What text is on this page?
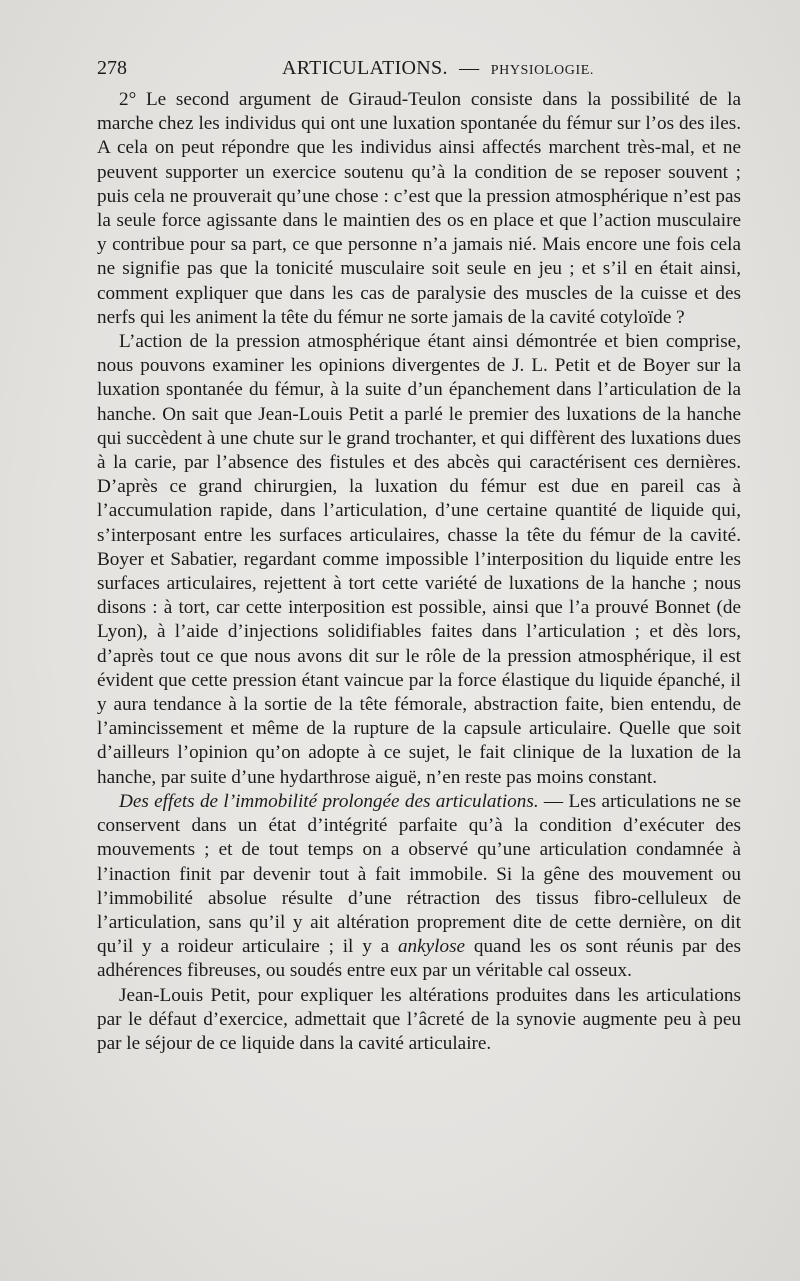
278	ARTICULATIONS. — PHYSIOLOGIE.

2° Le second argument de Giraud-Teulon consiste dans la possibilité de la marche chez les individus qui ont une luxation spontanée du fémur sur l’os des iles. A cela on peut répondre que les individus ainsi affectés marchent très-mal, et ne peuvent supporter un exercice soutenu qu’à la condition de se reposer souvent ; puis cela ne prouverait qu’une chose : c’est que la pression atmosphérique n’est pas la seule force agissante dans le maintien des os en place et que l’action musculaire y contribue pour sa part, ce que personne n’a jamais nié. Mais encore une fois cela ne signifie pas que la tonicité musculaire soit seule en jeu ; et s’il en était ainsi, comment expliquer que dans les cas de paralysie des muscles de la cuisse et des nerfs qui les animent la tête du fémur ne sorte jamais de la cavité cotyloïde ?

L’action de la pression atmosphérique étant ainsi démontrée et bien comprise, nous pouvons examiner les opinions divergentes de J. L. Petit et de Boyer sur la luxation spontanée du fémur, à la suite d’un épanchement dans l’articulation de la hanche. On sait que Jean-Louis Petit a parlé le premier des luxations de la hanche qui succèdent à une chute sur le grand trochanter, et qui diffèrent des luxations dues à la carie, par l’absence des fistules et des abcès qui caractérisent ces dernières. D’après ce grand chirurgien, la luxation du fémur est due en pareil cas à l’accumulation rapide, dans l’articulation, d’une certaine quantité de liquide qui, s’interposant entre les surfaces articulaires, chasse la tête du fémur de la cavité. Boyer et Sabatier, regardant comme impossible l’interposition du liquide entre les surfaces articulaires, rejettent à tort cette variété de luxations de la hanche ; nous disons : à tort, car cette interposition est possible, ainsi que l’a prouvé Bonnet (de Lyon), à l’aide d’injections solidifiables faites dans l’articulation ; et dès lors, d’après tout ce que nous avons dit sur le rôle de la pression atmosphérique, il est évident que cette pression étant vaincue par la force élastique du liquide épanché, il y aura tendance à la sortie de la tête fémorale, abstraction faite, bien entendu, de l’amincissement et même de la rupture de la capsule articulaire. Quelle que soit d’ailleurs l’opinion qu’on adopte à ce sujet, le fait clinique de la luxation de la hanche, par suite d’une hydarthrose aiguë, n’en reste pas moins constant.

Des effets de l’immobilité prolongée des articulations. — Les articulations ne se conservent dans un état d’intégrité parfaite qu’à la condition d’exécuter des mouvements ; et de tout temps on a observé qu’une articulation condamnée à l’inaction finit par devenir tout à fait immobile. Si la gêne des mouvement ou l’immobilité absolue résulte d’une rétraction des tissus fibro-celluleux de l’articulation, sans qu’il y ait altération proprement dite de cette dernière, on dit qu’il y a roideur articulaire ; il y a ankylose quand les os sont réunis par des adhérences fibreuses, ou soudés entre eux par un véritable cal osseux.

Jean-Louis Petit, pour expliquer les altérations produites dans les articulations par le défaut d’exercice, admettait que l’âcreté de la synovie augmente peu à peu par le séjour de ce liquide dans la cavité articulaire.
